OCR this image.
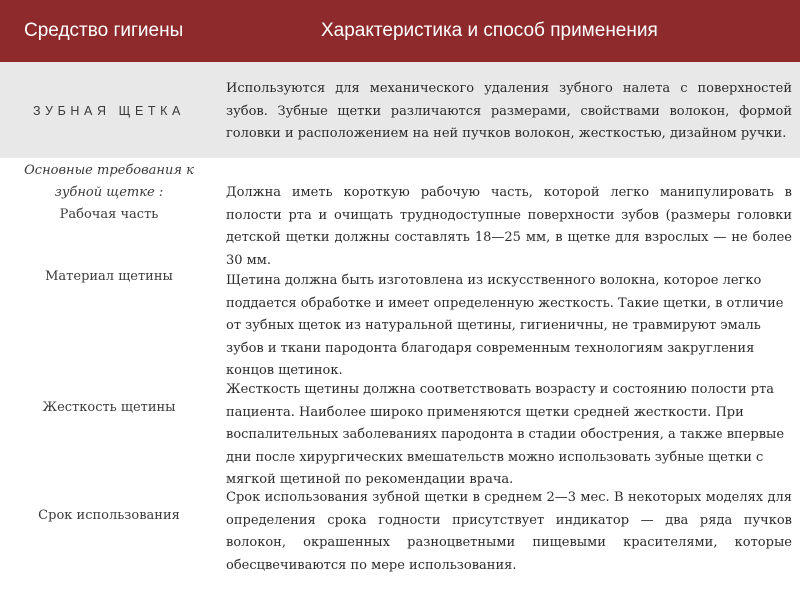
Средство гигиены	Характеристика и способ применения
ЗУБНАЯ ЩЕТКА

Используются для механического удаления зубного налета с поверхностей зубов. Зубные щетки различаются размерами, свойствами волокон, формой головки и расположением на ней пучков волокон, жесткостью, дизайном ручки.

Основные требования к зубной щетке :
Рабочая часть
Материал щетины
Жесткость щетины
Срок использования

Должна иметь короткую рабочую часть, которой легко манипулировать в полости рта и очищать труднодоступные поверхности зубов (размеры головки детской щетки должны составлять 18—25 мм, в щетке для взрослых — не более 30 мм.

Щетина должна быть изготовлена из искусственного волокна, которое легко поддается обработке и имеет определенную жесткость. Такие щетки, в отличие от зубных щеток из натуральной щетины, гигиеничны, не травмируют эмаль зубов и ткани пародонта благодаря современным технологиям закругления концов щетинок.

Жесткость щетины должна соответствовать возрасту и состоянию полости рта пациента. Наиболее широко применяются щетки средней жесткости. При воспалительных заболеваниях пародонта в стадии обострения, а также впервые дни после хирургических вмешательств можно использовать зубные щетки с мягкой щетиной по рекомендации врача.

Срок использования зубной щетки в среднем 2—3 мес. В некоторых моделях для определения срока годности присутствует индикатор — два ряда пучков волокон, окрашенных разноцветными пищевыми красителями, которые обесцвечиваются по мере использования.
